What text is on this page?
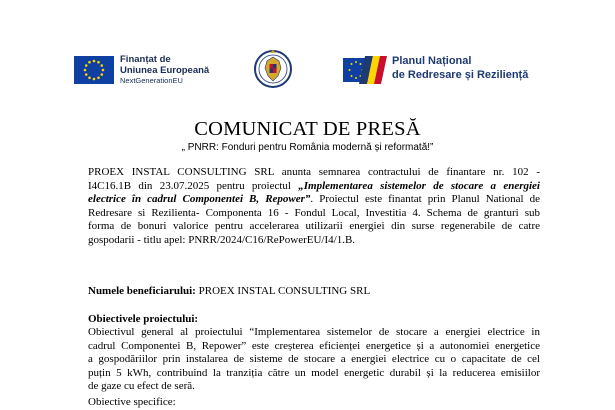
Finanțat de
Uniunea Europeană
NextGenerationEU
Planul Național
de Redresare și Reziliență
COMUNICAT DE PRESĂ
„ PNRR: Fonduri pentru România modernă și reformată!”
PROEX INSTAL CONSULTING SRL anunta semnarea contractului de finantare nr. 102 -
I4C16.1B din 23.07.2025 pentru proiectul „Implementarea sistemelor de stocare a energiei
electrice în cadrul Componentei B, Repower”. Proiectul este finantat prin Planul National de
Redresare si Rezilienta- Componenta 16 - Fondul Local, Investitia 4. Schema de granturi sub
forma de bonuri valorice pentru accelerarea utilizarii energiei din surse regenerabile de catre
gospodarii - titlu apel: PNRR/2024/C16/RePowerEU/I4/1.B.
Numele beneficiarului: PROEX INSTAL CONSULTING SRL
Obiectivele proiectului:
Obiectivul general al proiectului “Implementarea sistemelor de stocare a energiei electrice in
cadrul Componentei B, Repower” este creșterea eficienței energetice și a autonomiei energetice
a gospodăriilor prin instalarea de sisteme de stocare a energiei electrice cu o capacitate de cel
puțin 5 kWh, contribuind la tranziția către un model energetic durabil și la reducerea emisiilor
de gaze cu efect de seră.
Obiective specifice:
